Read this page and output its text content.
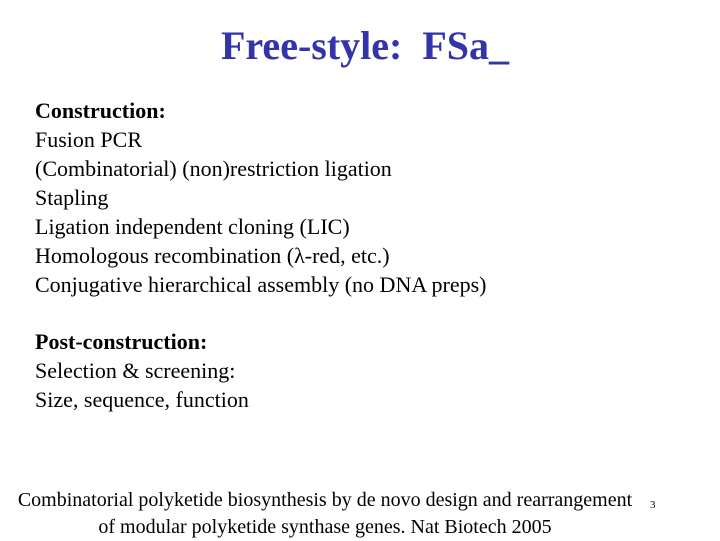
Free-style:  FSa_
Construction:
Fusion PCR
(Combinatorial) (non)restriction ligation
Stapling
Ligation independent cloning (LIC)
Homologous recombination (λ-red, etc.)
Conjugative hierarchical assembly (no DNA preps)
Post-construction:
Selection & screening:
Size, sequence, function
Combinatorial polyketide biosynthesis by de novo design and rearrangement
of modular polyketide synthase genes. Nat Biotech 2005
3
